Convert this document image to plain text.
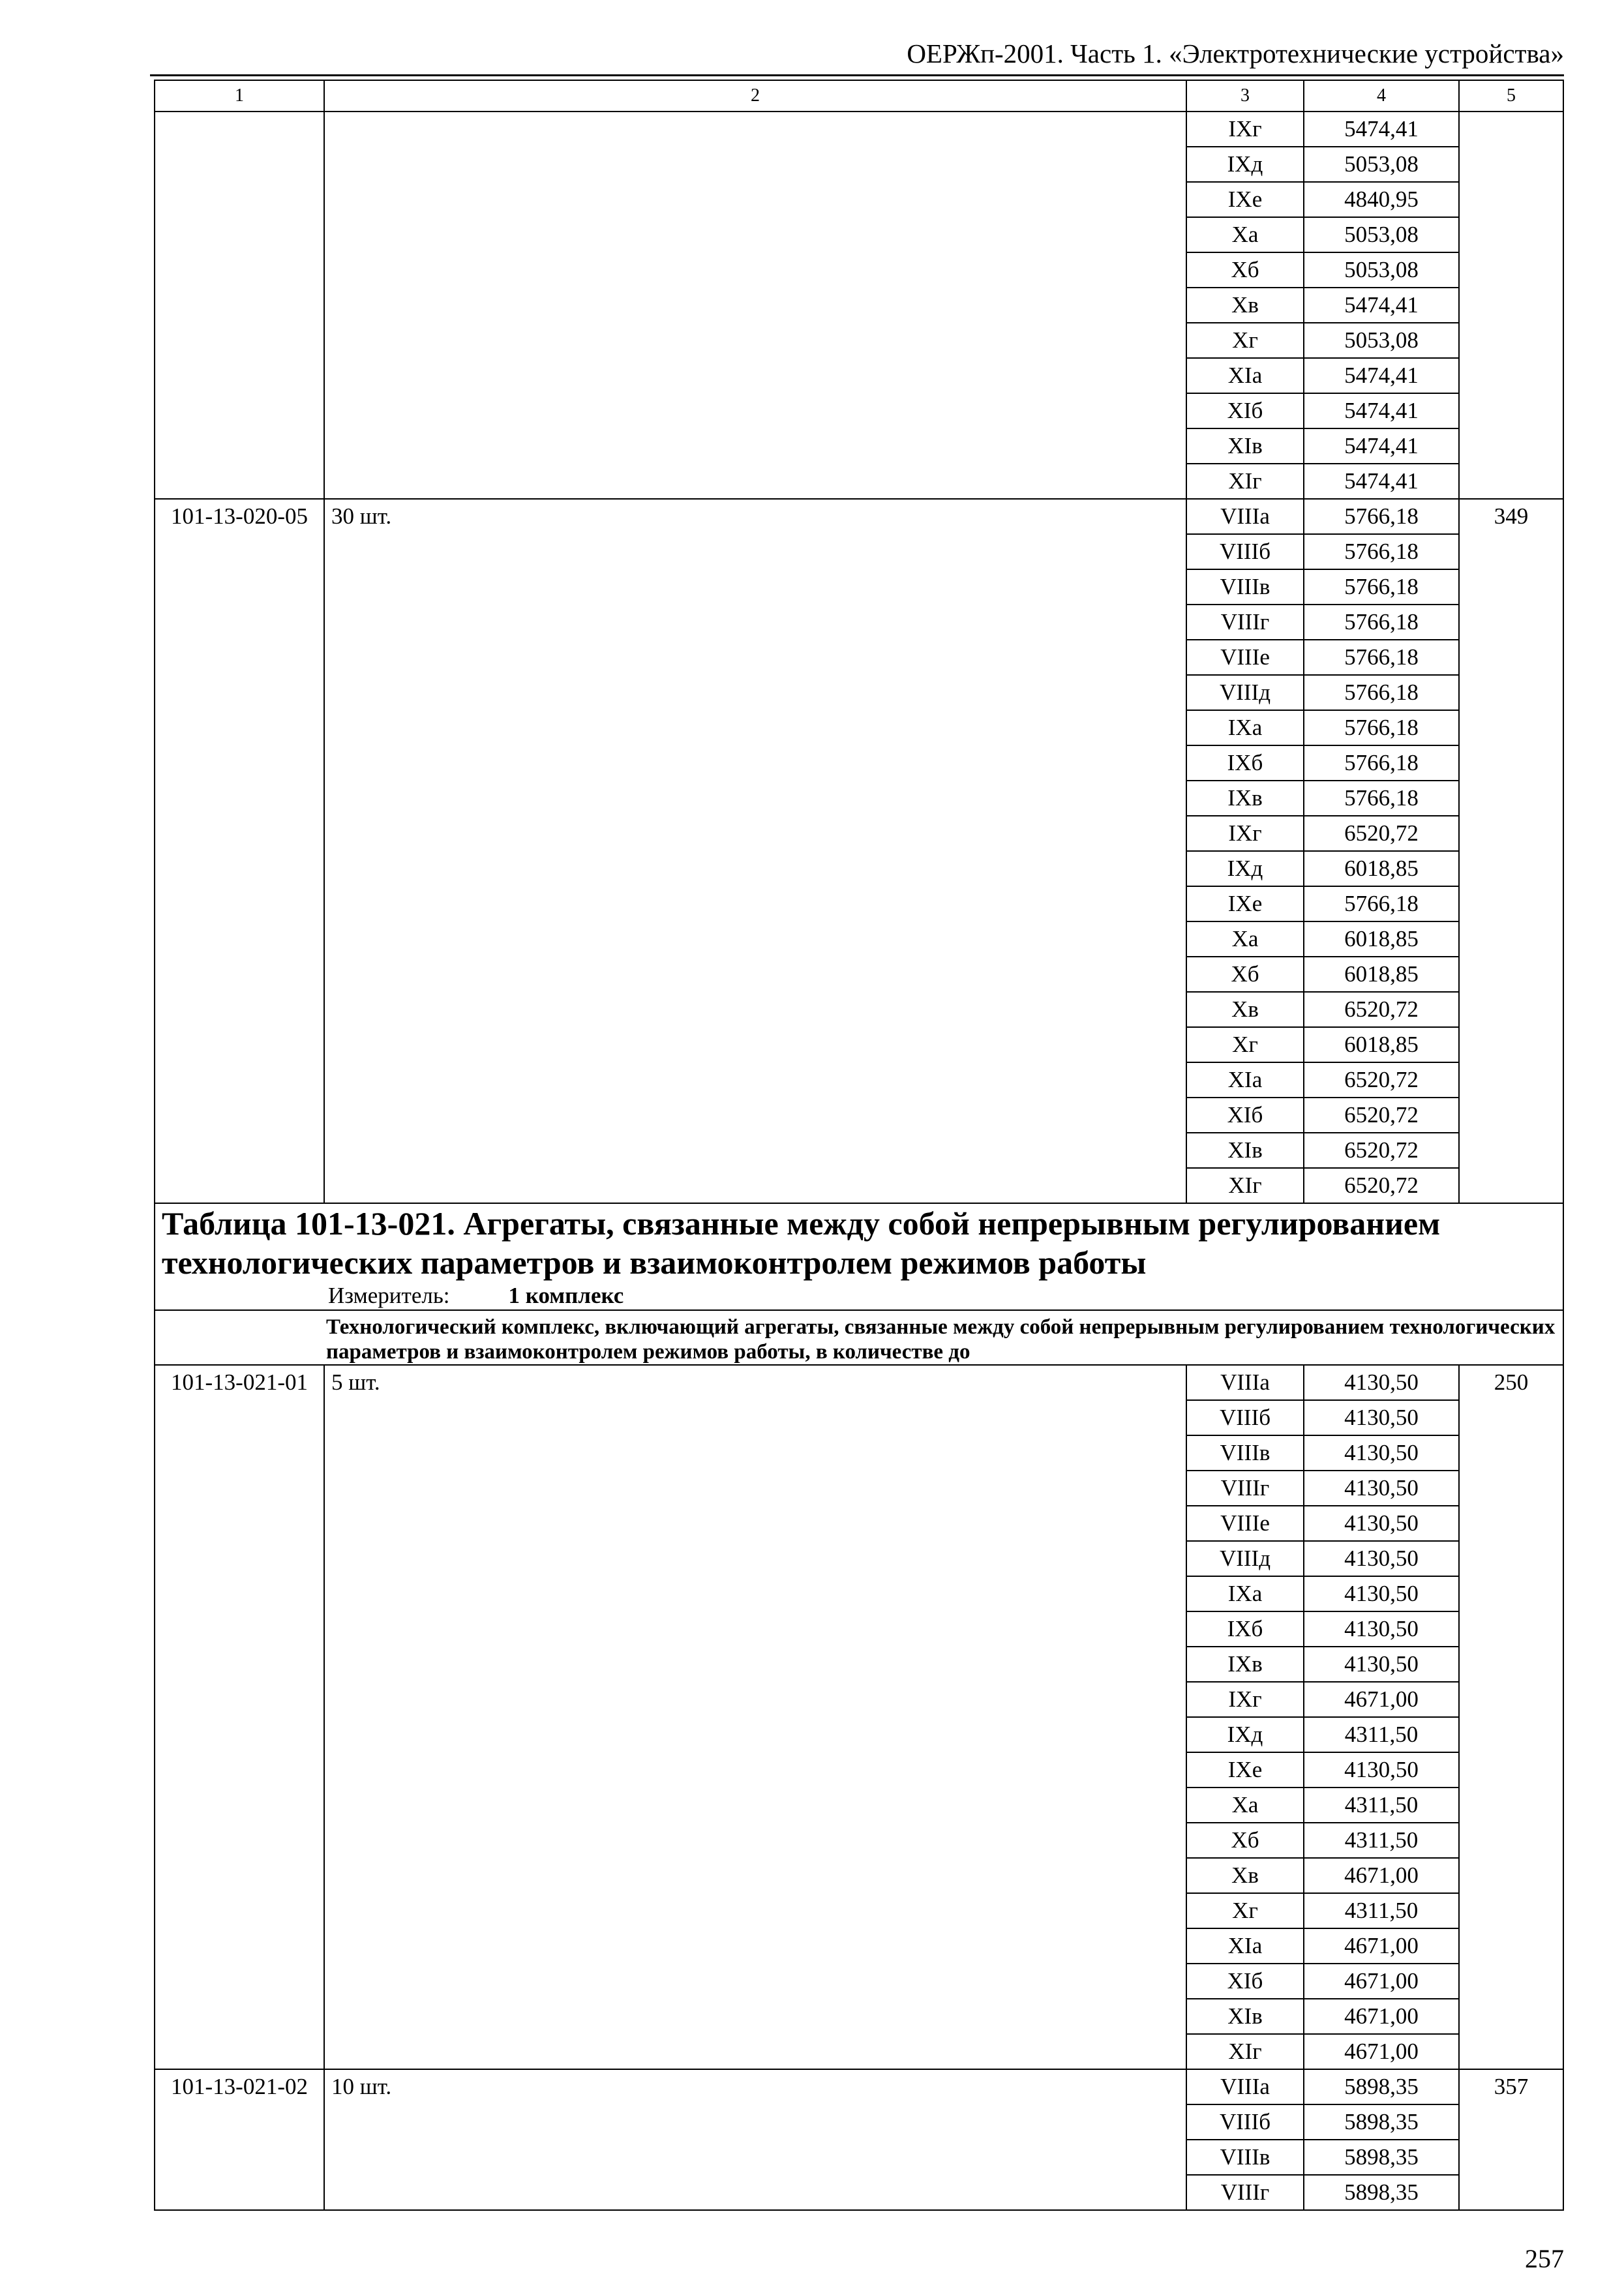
ОЕРЖп-2001. Часть 1. «Электротехнические устройства»
1	2	3	4	5
		IXг	5474,41	
		IXд	5053,08	
		IXе	4840,95	
		Xа	5053,08	
		Xб	5053,08	
		Xв	5474,41	
		Xг	5053,08	
		XIа	5474,41	
		XIб	5474,41	
		XIв	5474,41	
		XIг	5474,41	
101-13-020-05	30 шт.	VIIIа	5766,18	349
		VIIIб	5766,18	
		VIIIв	5766,18	
		VIIIг	5766,18	
		VIIIе	5766,18	
		VIIIд	5766,18	
		IXа	5766,18	
		IXб	5766,18	
		IXв	5766,18	
		IXг	6520,72	
		IXд	6018,85	
		IXе	5766,18	
		Xа	6018,85	
		Xб	6018,85	
		Xв	6520,72	
		Xг	6018,85	
		XIа	6520,72	
		XIб	6520,72	
		XIв	6520,72	
		XIг	6520,72	

Таблица 101-13-021. Агрегаты, связанные между собой непрерывным регулированием технологических параметров и взаимоконтролем режимов работы
Измеритель: 1 комплекс				

Технологический комплекс, включающий агрегаты, связанные между собой непрерывным регулированием технологических параметров и взаимоконтролем режимов работы, в количестве до				
101-13-021-01	5 шт.	VIIIа	4130,50	250
		VIIIб	4130,50	
		VIIIв	4130,50	
		VIIIг	4130,50	
		VIIIе	4130,50	
		VIIIд	4130,50	
		IXа	4130,50	
		IXб	4130,50	
		IXв	4130,50	
		IXг	4671,00	
		IXд	4311,50	
		IXе	4130,50	
		Xа	4311,50	
		Xб	4311,50	
		Xв	4671,00	
		Xг	4311,50	
		XIа	4671,00	
		XIб	4671,00	
		XIв	4671,00	
		XIг	4671,00	
101-13-021-02	10 шт.	VIIIа	5898,35	357
		VIIIб	5898,35	
		VIIIв	5898,35	
		VIIIг	5898,35	
257
